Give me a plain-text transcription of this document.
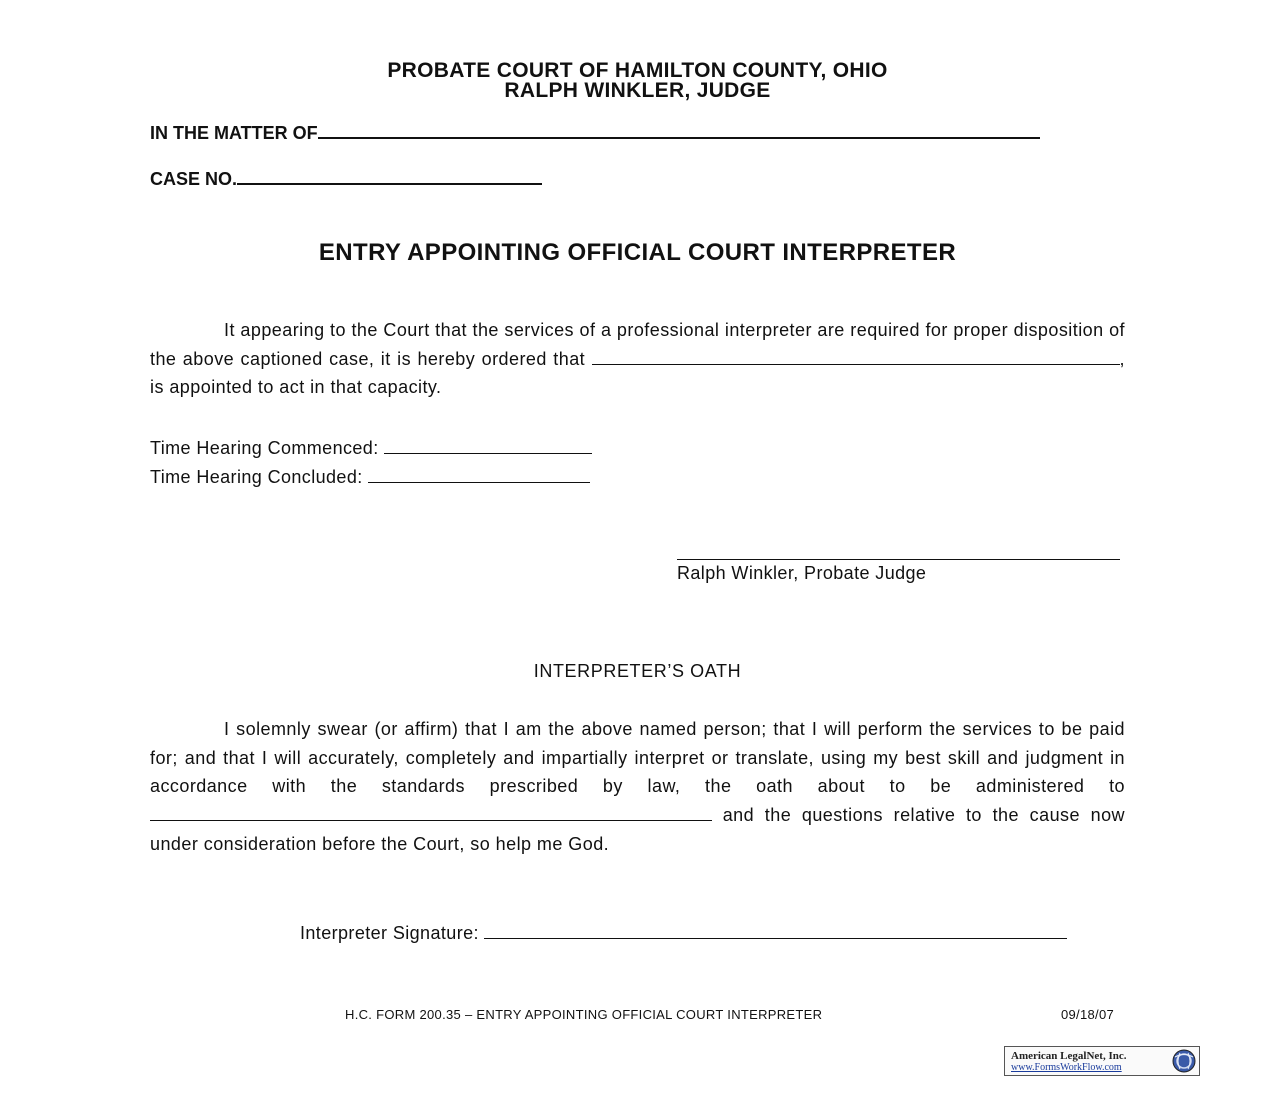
PROBATE COURT OF HAMILTON COUNTY, OHIO
RALPH WINKLER, JUDGE
IN THE MATTER OF
CASE NO.
ENTRY APPOINTING OFFICIAL COURT INTERPRETER
It appearing to the Court that the services of a professional interpreter are required for proper disposition of the above captioned case, it is hereby ordered that	, is appointed to act in that capacity.
Time Hearing Commenced:
Time Hearing Concluded:
Ralph Winkler, Probate Judge
INTERPRETER’S OATH
I solemnly swear (or affirm) that I am the above named person; that I will perform the services to be paid for; and that I will accurately, completely and impartially interpret or translate, using my best skill and judgment in accordance with the standards prescribed by law, the oath about to be administered to  and the questions relative to the cause now under consideration before the Court, so help me God.
Interpreter Signature:
H.C. FORM 200.35 – ENTRY APPOINTING OFFICIAL COURT INTERPRETER	09/18/07
American LegalNet, Inc.
www.FormsWorkFlow.com
